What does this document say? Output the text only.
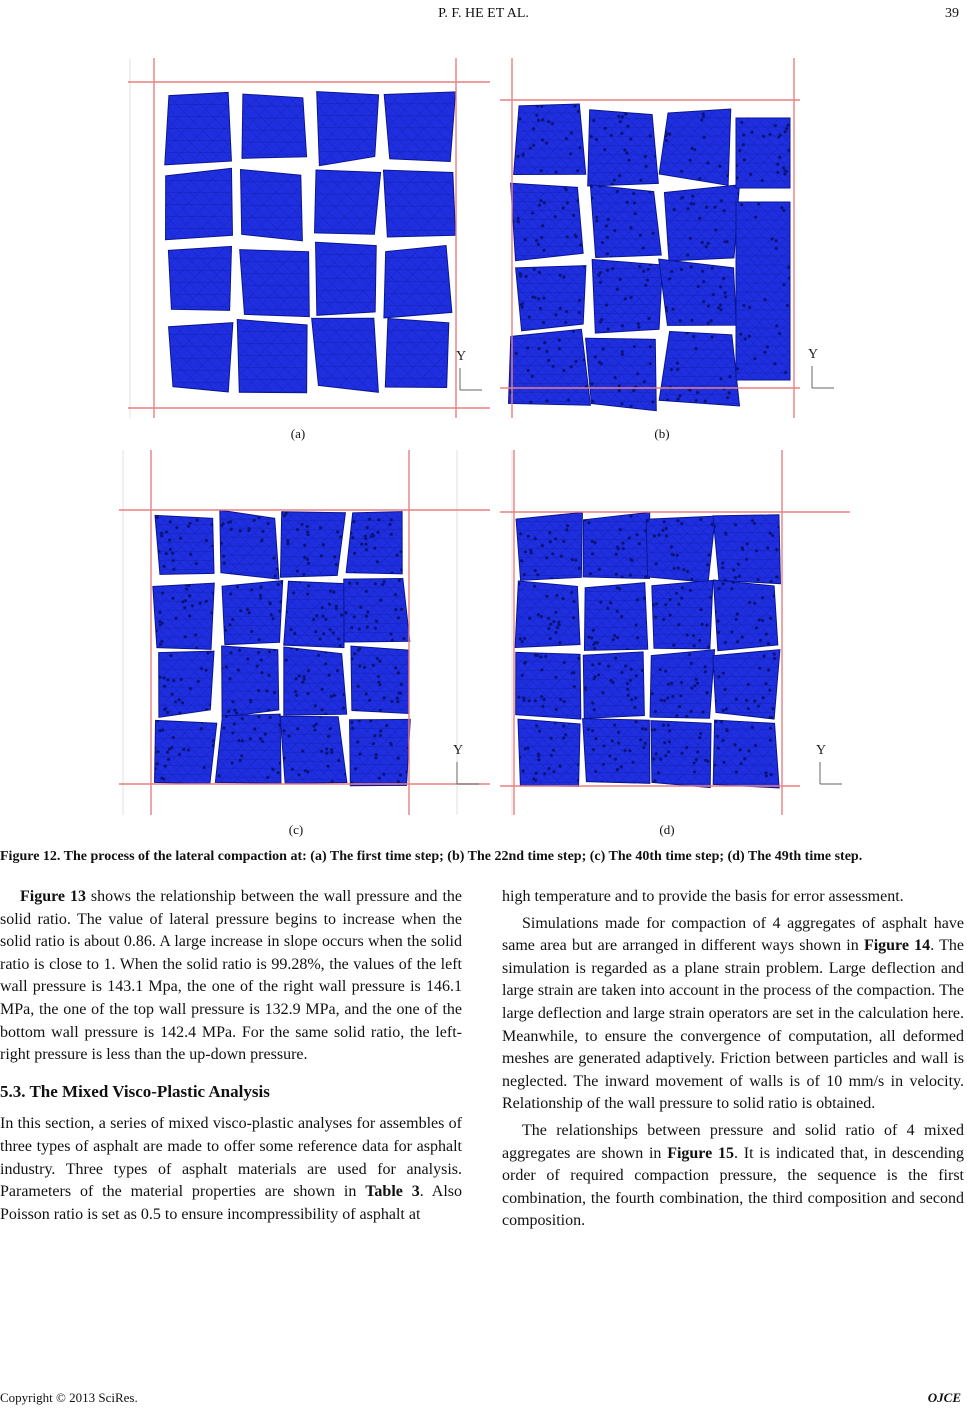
P. F. HE ET AL.	39
Y	Y
(a)	(b)
Y	Y
(c)	(d)
Figure 12. The process of the lateral compaction at: (a) The first time step; (b) The 22nd time step; (c) The 40th time step; (d) The 49th time step.

Figure 13 shows the relationship between the wall pressure and the solid ratio. The value of lateral pressure begins to increase when the solid ratio is about 0.86. A large increase in slope occurs when the solid ratio is close to 1. When the solid ratio is 99.28%, the values of the left wall pressure is 143.1 Mpa, the one of the right wall pressure is 146.1 MPa, the one of the top wall pressure is 132.9 MPa, and the one of the bottom wall pressure is 142.4 MPa. For the same solid ratio, the left-right pressure is less than the up-down pressure.

5.3. The Mixed Visco-Plastic Analysis

In this section, a series of mixed visco-plastic analyses for assembles of three types of asphalt are made to offer some reference data for asphalt industry. Three types of asphalt materials are used for analysis. Parameters of the material properties are shown in Table 3. Also Poisson ratio is set as 0.5 to ensure incompressibility of asphalt at

high temperature and to provide the basis for error assessment.

Simulations made for compaction of 4 aggregates of asphalt have same area but are arranged in different ways shown in Figure 14. The simulation is regarded as a plane strain problem. Large deflection and large strain are taken into account in the process of the compaction. The large deflection and large strain operators are set in the calculation here. Meanwhile, to ensure the convergence of computation, all deformed meshes are generated adaptively. Friction between particles and wall is neglected. The inward movement of walls is of 10 mm/s in velocity. Relationship of the wall pressure to solid ratio is obtained.

The relationships between pressure and solid ratio of 4 mixed aggregates are shown in Figure 15. It is indicated that, in descending order of required compaction pressure, the sequence is the first combination, the fourth combination, the third composition and second composition.

Copyright © 2013 SciRes.	OJCE
